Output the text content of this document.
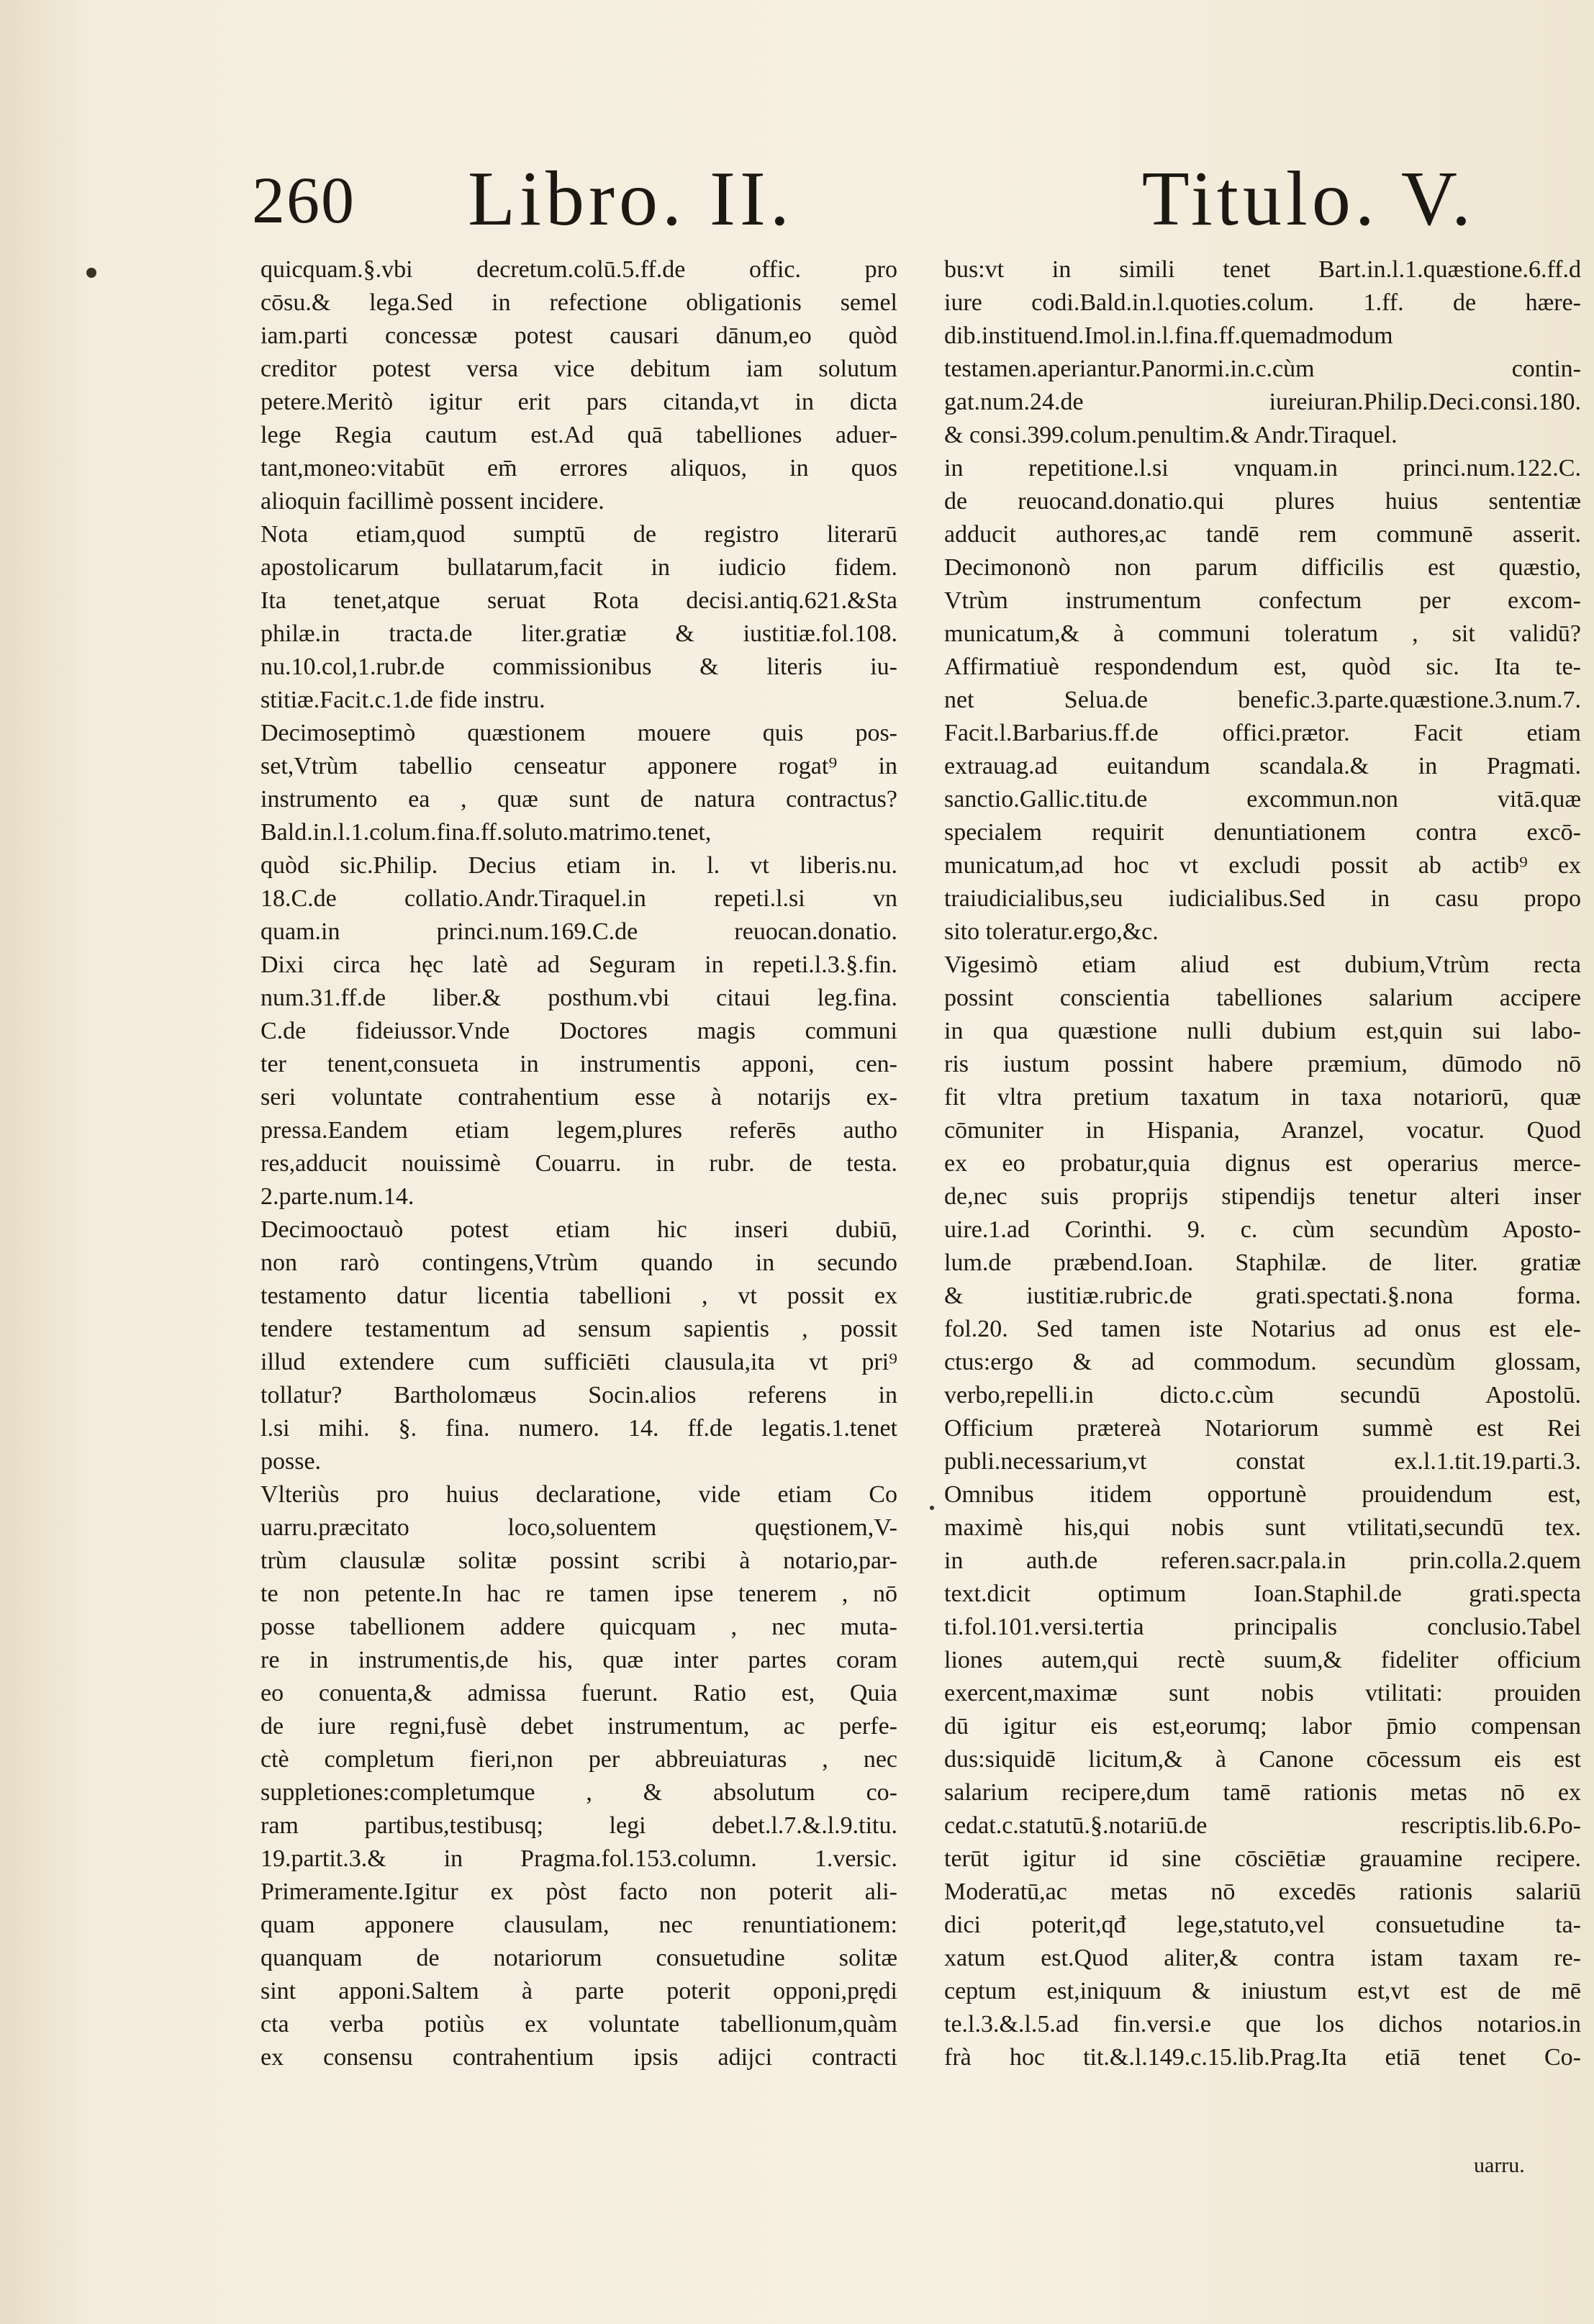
260 Libro. II.	Titulo. V.
quicquam.§.vbi decretum.colū.5.ff.de offic. pro
cōsu.& lega.Sed in refectione obligationis semel
iam.parti concessæ potest causari dānum,eo quòd
creditor potest versa vice debitum iam solutum
petere.Meritò igitur erit pars citanda,vt in dicta
lege Regia cautum est.Ad quā tabelliones aduer-
tant,moneo:vitabūt em̄ errores aliquos, in quos
alioquin facillimè possent incidere.
Nota etiam,quod sumptū de registro literarū
apostolicarum bullatarum,facit in iudicio fidem.
Ita tenet,atque seruat Rota decisi.antiq.621.&Sta
philæ.in tracta.de liter.gratiæ & iustitiæ.fol.108.
nu.10.col,1.rubr.de commissionibus & literis iu-
stitiæ.Facit.c.1.de fide instru.
Decimoseptimò quæstionem mouere quis pos-
set,Vtrùm tabellio censeatur apponere rogat⁹ in
instrumento ea , quæ sunt de natura contractus?
Bald.in.l.1.colum.fina.ff.soluto.matrimo.tenet,
quòd sic.Philip. Decius etiam in. l. vt liberis.nu.
18.C.de collatio.Andr.Tiraquel.in repeti.l.si vn
quam.in princi.num.169.C.de reuocan.donatio.
Dixi circa hęc latè ad Seguram in repeti.l.3.§.fin.
num.31.ff.de liber.& posthum.vbi citaui leg.fina.
C.de fideiussor.Vnde Doctores magis communi
ter tenent,consueta in instrumentis apponi, cen-
seri voluntate contrahentium esse à notarijs ex-
pressa.Eandem etiam legem,plures referēs autho
res,adducit nouissimè Couarru. in rubr. de testa.
2.parte.num.14.
Decimooctauò potest etiam hic inseri dubiū,
non rarò contingens,Vtrùm quando in secundo
testamento datur licentia tabellioni , vt possit ex
tendere testamentum ad sensum sapientis , possit
illud extendere cum sufficiēti clausula,ita vt pri⁹
tollatur? Bartholomæus Socin.alios referens in
l.si mihi. §. fina. numero. 14. ff.de legatis.1.tenet
posse.
Vlteriùs pro huius declaratione, vide etiam Co
uarru.præcitato loco,soluentem quęstionem,V-
trùm clausulæ solitæ possint scribi à notario,par-
te non petente.In hac re tamen ipse tenerem , nō
posse tabellionem addere quicquam , nec muta-
re in instrumentis,de his, quæ inter partes coram
eo conuenta,& admissa fuerunt. Ratio est, Quia
de iure regni,fusè debet instrumentum, ac perfe-
ctè completum fieri,non per abbreuiaturas , nec
suppletiones:completumque , & absolutum co-
ram partibus,testibusq; legi debet.l.7.&.l.9.titu.
19.partit.3.& in Pragma.fol.153.column. 1.versic.
Primeramente.Igitur ex pòst facto non poterit ali-
quam apponere clausulam, nec renuntiationem:
quanquam de notariorum consuetudine solitæ
sint apponi.Saltem à parte poterit opponi,prędi
cta verba potiùs ex voluntate tabellionum,quàm
ex consensu contrahentium ipsis adijci contracti
bus:vt in simili tenet Bart.in.l.1.quæstione.6.ff.d
iure codi.Bald.in.l.quoties.colum. 1.ff. de hære-
dib.instituend.Imol.in.l.fina.ff.quemadmodum
testamen.aperiantur.Panormi.in.c.cùm contin-
gat.num.24.de iureiuran.Philip.Deci.consi.180.
& consi.399.colum.penultim.& Andr.Tiraquel.
in repetitione.l.si vnquam.in princi.num.122.C.
de reuocand.donatio.qui plures huius sententiæ
adducit authores,ac tandē rem communē asserit.
Decimononò non parum difficilis est quæstio,
Vtrùm instrumentum confectum per excom-
municatum,& à communi toleratum , sit validū?
Affirmatiuè respondendum est, quòd sic. Ita te-
net Selua.de benefic.3.parte.quæstione.3.num.7.
Facit.l.Barbarius.ff.de offici.prætor. Facit etiam
extrauag.ad euitandum scandala.& in Pragmati.
sanctio.Gallic.titu.de excommun.non vitā.quæ
specialem requirit denuntiationem contra excō-
municatum,ad hoc vt excludi possit ab actib⁹ ex
traiudicialibus,seu iudicialibus.Sed in casu propo
sito toleratur.ergo,&c.
Vigesimò etiam aliud est dubium,Vtrùm recta
possint conscientia tabelliones salarium accipere
in qua quæstione nulli dubium est,quin sui labo-
ris iustum possint habere præmium, dūmodo nō
fit vltra pretium taxatum in taxa notariorū, quæ
cōmuniter in Hispania, Aranzel, vocatur. Quod
ex eo probatur,quia dignus est operarius merce-
de,nec suis proprijs stipendijs tenetur alteri inser
uire.1.ad Corinthi. 9. c. cùm secundùm Aposto-
lum.de præbend.Ioan. Staphilæ. de liter. gratiæ
& iustitiæ.rubric.de grati.spectati.§.nona forma.
fol.20. Sed tamen iste Notarius ad onus est ele-
ctus:ergo & ad commodum. secundùm glossam,
verbo,repelli.in dicto.c.cùm secundū Apostolū.
Officium prætereà Notariorum summè est Rei
publi.necessarium,vt constat ex.l.1.tit.19.parti.3.
Omnibus itidem opportunè prouidendum est,
maximè his,qui nobis sunt vtilitati,secundū tex.
in auth.de referen.sacr.pala.in prin.colla.2.quem
text.dicit optimum Ioan.Staphil.de grati.specta
ti.fol.101.versi.tertia principalis conclusio.Tabel
liones autem,qui rectè suum,& fideliter officium
exercent,maximæ sunt nobis vtilitati: prouiden
dū igitur eis est,eorumq; labor p̄mio compensan
dus:siquidē licitum,& à Canone cōcessum eis est
salarium recipere,dum tamē rationis metas nō ex
cedat.c.statutū.§.notariū.de rescriptis.lib.6.Po-
terūt igitur id sine cōsciētiæ grauamine recipere.
Moderatū,ac metas nō excedēs rationis salariū
dici poterit,qđ lege,statuto,vel consuetudine ta-
xatum est.Quod aliter,& contra istam taxam re-
ceptum est,iniquum & iniustum est,vt est de mē
te.l.3.&.l.5.ad fin.versi.e que los dichos notarios.in
frà hoc tit.&.l.149.c.15.lib.Prag.Ita etiā tenet Co-
uarru.
